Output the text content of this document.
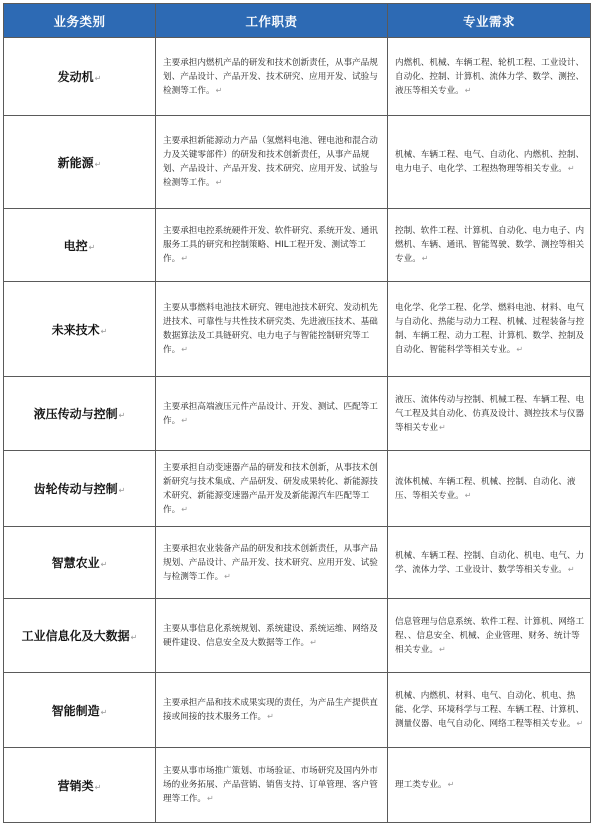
业务类别	工作职责	专业需求
发动机↵	主要承担内燃机产品的研发和技术创新责任，从事产品规划、产品设计、产品开发、技术研究、应用开发、试验与检测等工作。↵	内燃机、机械、车辆工程、轮机工程、工业设计、自动化、控制、计算机、流体力学、数学、测控、液压等相关专业。↵
新能源↵	主要承担新能源动力产品（氢燃料电池、锂电池和混合动力及关键零部件）的研发和技术创新责任，从事产品规划、产品设计、产品开发、技术研究、应用开发、试验与检测等工作。↵	机械、车辆工程、电气、自动化、内燃机、控制、电力电子、电化学、工程热物理等相关专业。↵
电控↵	主要承担电控系统硬件开发、软件研究、系统开发、通讯服务工具的研究和控制策略、HIL工程开发、测试等工作。↵	控制、软件工程、计算机、自动化、电力电子、内燃机、车辆、通讯、智能驾驶、数学、测控等相关专业。↵
未来技术↵	主要从事燃料电池技术研究、锂电池技术研究、发动机先进技术、可靠性与共性技术研究类、先进液压技术、基础数据算法及工具链研究、电力电子与智能控制研究等工作。↵	电化学、化学工程、化学、燃料电池、材料、电气与自动化、热能与动力工程、机械、过程装备与控制、车辆工程、动力工程、计算机、数学、控制及自动化、智能科学等相关专业。↵
液压传动与控制↵	主要承担高端液压元件产品设计、开发、测试、匹配等工作。↵	液压、流体传动与控制、机械工程、车辆工程、电气工程及其自动化、仿真及设计、测控技术与仪器等相关专业↵
齿轮传动与控制↵	主要承担自动变速器产品的研发和技术创新，从事技术创新研究与技术集成、产品研发、研发成果转化、新能源技术研究、新能源变速器产品开发及新能源汽车匹配等工作。↵	流体机械、车辆工程、机械、控制、自动化、液压、等相关专业。↵
智慧农业↵	主要承担农业装备产品的研发和技术创新责任，从事产品规划、产品设计、产品开发、技术研究、应用开发、试验与检测等工作。↵	机械、车辆工程、控制、自动化、机电、电气、力学、流体力学、工业设计、数学等相关专业。↵
工业信息化及大数据↵	主要从事信息化系统规划、系统建设、系统运维、网络及硬件建设、信息安全及大数据等工作。↵	信息管理与信息系统、软件工程、计算机、网络工程、、信息安全、机械、企业管理、财务、统计等相关专业。↵
智能制造↵	主要承担产品和技术成果实现的责任，为产品生产提供直接或间接的技术服务工作。↵	机械、内燃机、材料、电气、自动化、机电、热能、化学、环境科学与工程、车辆工程、计算机、测量仪器、电气自动化、网络工程等相关专业。↵
营销类↵	主要从事市场推广策划、市场验证、市场研究及国内外市场的业务拓展、产品营销、销售支持、订单管理、客户管理等工作。↵	理工类专业。↵
